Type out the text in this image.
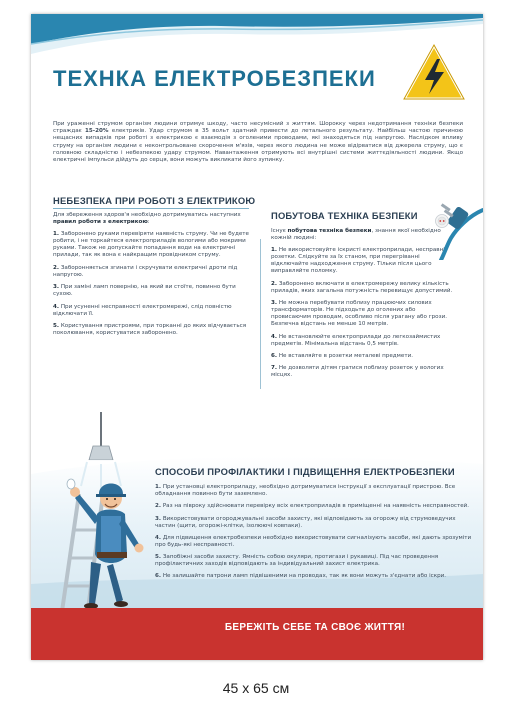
ТЕХНКА ЕЛЕКТРОБЕЗПЕКИ
При ураженні струмом організм людини отримує шкоду, часто несумісний з життям. Шорокку через недотримання техніки безпеки страждає 15-20% електриків. Удар струмом в 35 вольт здатний привести до летального результату. Найбільш частою причиною нещасних випадків при роботі з електрикою є взаємодія з оголеними проводами, які знаходяться під напругою. Наслідком впливу струму на організм людини є неконтрольоване скорочення м'язів, через якого людина не може відірватися від джерела струму, що є головною складністю і небезпекою удару струмом. Навантаження отримують всі внутрішні системи життєдіяльності людини. Якщо електричні імпульси дійдуть до серця, вони можуть викликати його зупинку.
НЕБЕЗПЕКА ПРИ РОБОТІ З ЕЛЕКТРИКОЮ

Для збереження здоров'я необхідно дотримуватись наступних правил роботи з електрикою:

1. Заборонено руками перевіряти наявність струму. Чи не будете робити, і не торкайтеся електроприладів вологими або мокрими руками. Також не допускайте попадання води на електричні прилади, так як вона є найкращим провідником струму.

2. Заборонняється згинати і скручувати електричні дроти під напругою.

3. При заміні ламп повернію, на який ви стоїте, повинно бути сухою.

4. При усуненні несправності електромережі, слід повністю відключати її.

5. Користування пристроями, при торканні до яких відчувається поколювання, користуватися заборонено.

ПОБУТОВА ТЕХНІКА БЕЗПЕКИ

Існує побутова техніка безпеки, знання якої необхідно кожній людині:

1. Не використовуйте іскристі електроприлади, несправні розетки. Слідкуйте за їх станом, при перегріванні відключайте надходження струму. Тільки після цього виправляйте поломку.

2. Заборонено включати в електромережу велику кількість приладів, яких загальна потужність перевищує допустимий.

3. Не можна перебувати поблизу працюючих силових трансформаторів. Не підходьте до оголених або провисаючим проводам, особливо після урагану або грози. Безпечна відстань не менше 10 метрів.

4. Не встановлюйте електроприлади до легкозаймистих предметів. Мінімальна відстань 0,5 метрів.

6. Не вставляйте в розетки металеві предмети.

7. Не дозволяти дітям гратися поблизу розеток у вологих місцях.

СПОСОБИ ПРОФІЛАКТИКИ І ПІДВИЩЕННЯ ЕЛЕКТРОБЕЗПЕКИ

1. При установці електроприладу, необхідно дотримуватися інструкції з експлуатації пристрою. Все обладнання повинно бути заземлено.

2. Раз на півроку здійснювати перевірку всіх електроприладів в приміщенні на наявність несправностей.

3. Використовувати огороджувальні засоби захисту, які відповідають за огорожу від струмоведучих частин (щити, огорожі-клітки, ізолюючі ковпаки).

4. Для підвищення електробезпеки необхідно використовувати сигналізують засоби, які дають зрозуміти про будь-які несправності.

5. Запобіжні засоби захисту. Ямність собою окуляри, протигази і рукавиці. Під час проведення профілактичних заходів відповідають за індивідуальний захист електрика.

6. Не залишайте патрони ламп підвішеними на проводах, так як вони можуть з'єднати або іскри.

БЕРЕЖІТЬ СЕБЕ ТА СВОЄ ЖИТТЯ!
45 х 65 см
